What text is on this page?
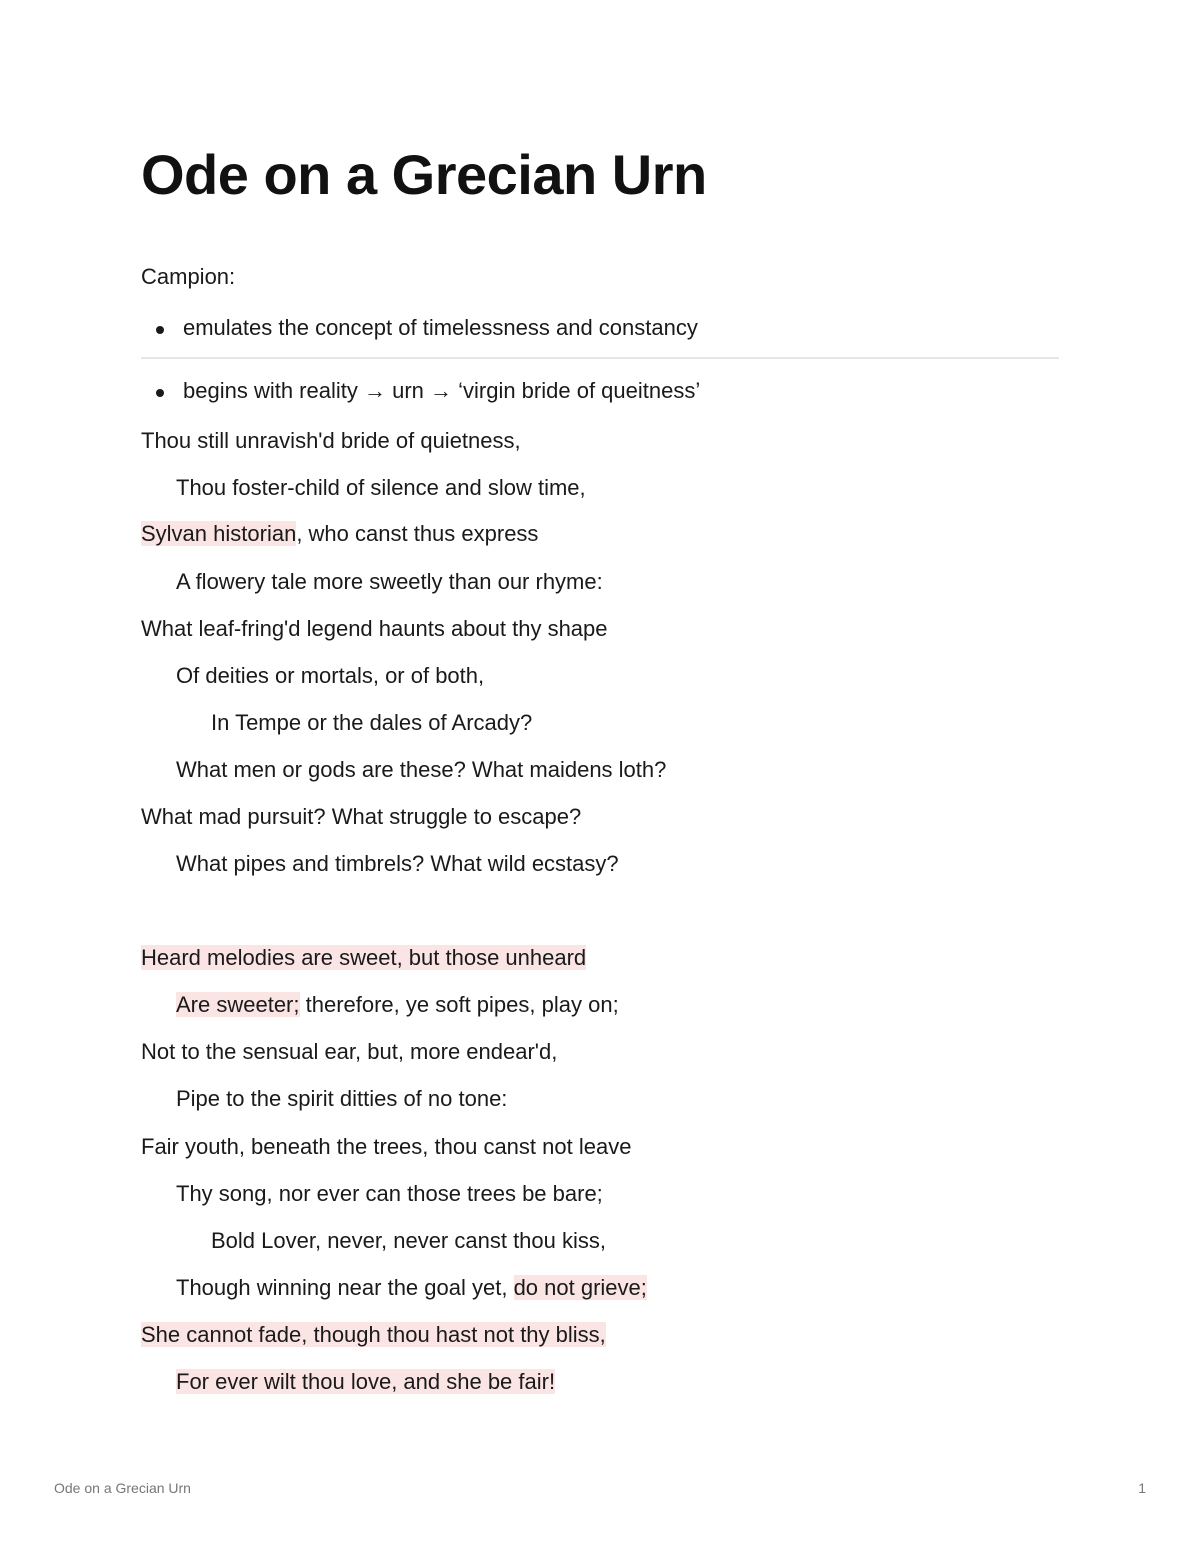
Ode on a Grecian Urn
Campion:
emulates the concept of timelessness and constancy
begins with reality → urn → ‘virgin bride of queitness’
Thou still unravish'd bride of quietness,
Thou foster-child of silence and slow time,
Sylvan historian, who canst thus express
A flowery tale more sweetly than our rhyme:
What leaf-fring'd legend haunts about thy shape
Of deities or mortals, or of both,
In Tempe or the dales of Arcady?
What men or gods are these? What maidens loth?
What mad pursuit? What struggle to escape?
What pipes and timbrels? What wild ecstasy?
Heard melodies are sweet, but those unheard
Are sweeter; therefore, ye soft pipes, play on;
Not to the sensual ear, but, more endear'd,
Pipe to the spirit ditties of no tone:
Fair youth, beneath the trees, thou canst not leave
Thy song, nor ever can those trees be bare;
Bold Lover, never, never canst thou kiss,
Though winning near the goal yet, do not grieve;
She cannot fade, though thou hast not thy bliss,
For ever wilt thou love, and she be fair!
Ode on a Grecian Urn	1
